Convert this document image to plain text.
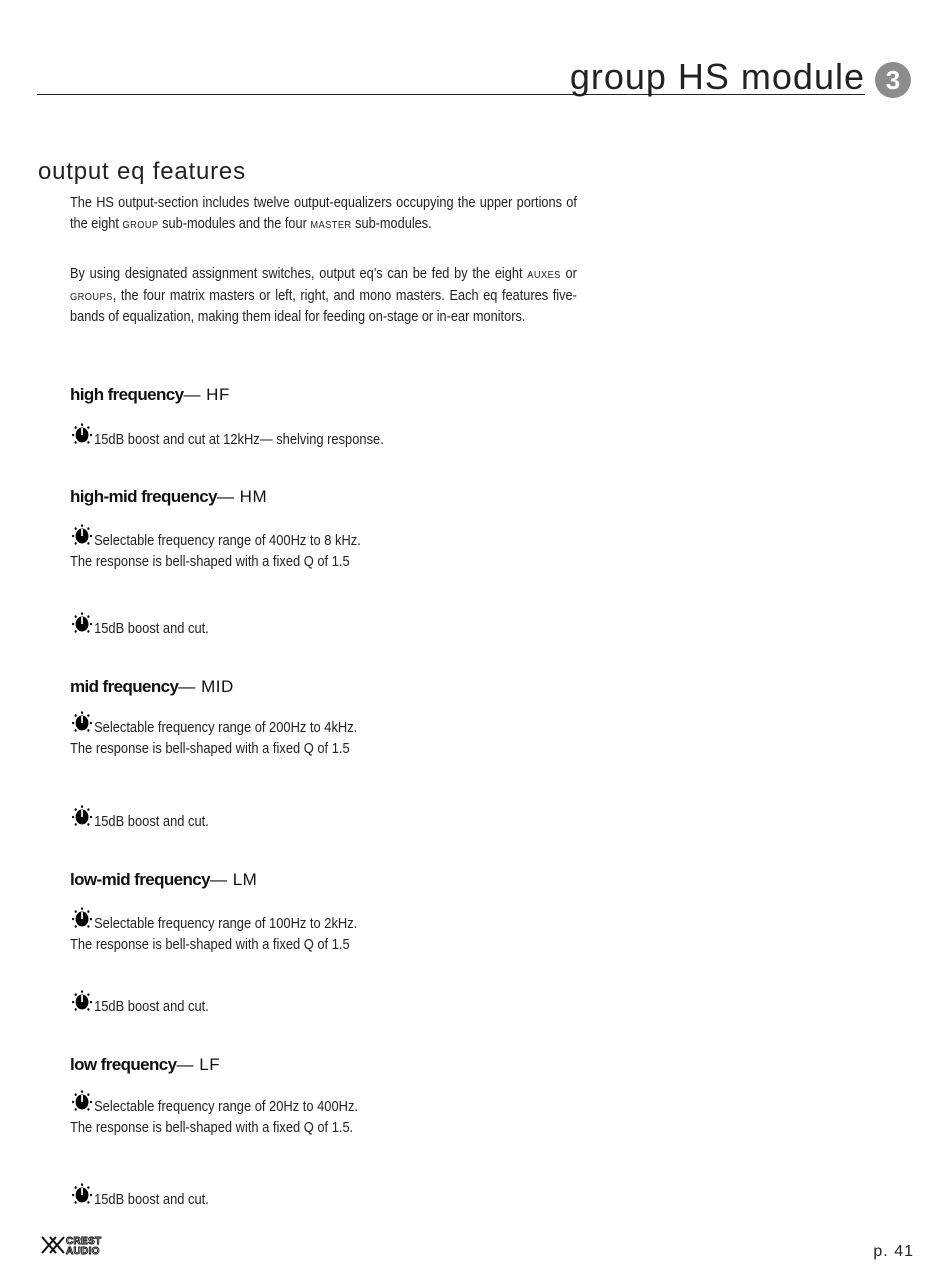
group HS module 3
output eq features
The HS output-section includes twelve output-equalizers occupying the upper portions of the eight GROUP sub-modules and the four MASTER sub-modules.
By using designated assignment switches, output eq’s can be fed by the eight AUXES or GROUPS, the four matrix masters or left, right, and mono masters. Each eq features five-bands of equalization, making them ideal for feeding on-stage or in-ear monitors.
high frequency— HF
15dB boost and cut at 12kHz— shelving response.
high-mid frequency— HM
Selectable frequency range of 400Hz to 8 kHz.
The response is bell-shaped with a fixed Q of 1.5
15dB boost and cut.
mid frequency— MID
Selectable frequency range of 200Hz to 4kHz.
The response is bell-shaped with a fixed Q of 1.5
15dB boost and cut.
low-mid frequency— LM
Selectable frequency range of 100Hz to 2kHz.
The response is bell-shaped with a fixed Q of 1.5
15dB boost and cut.
low frequency— LF
Selectable frequency range of 20Hz to 400Hz.
The response is bell-shaped with a fixed Q of 1.5.
15dB boost and cut.
CREST
AUDIO	p. 41
